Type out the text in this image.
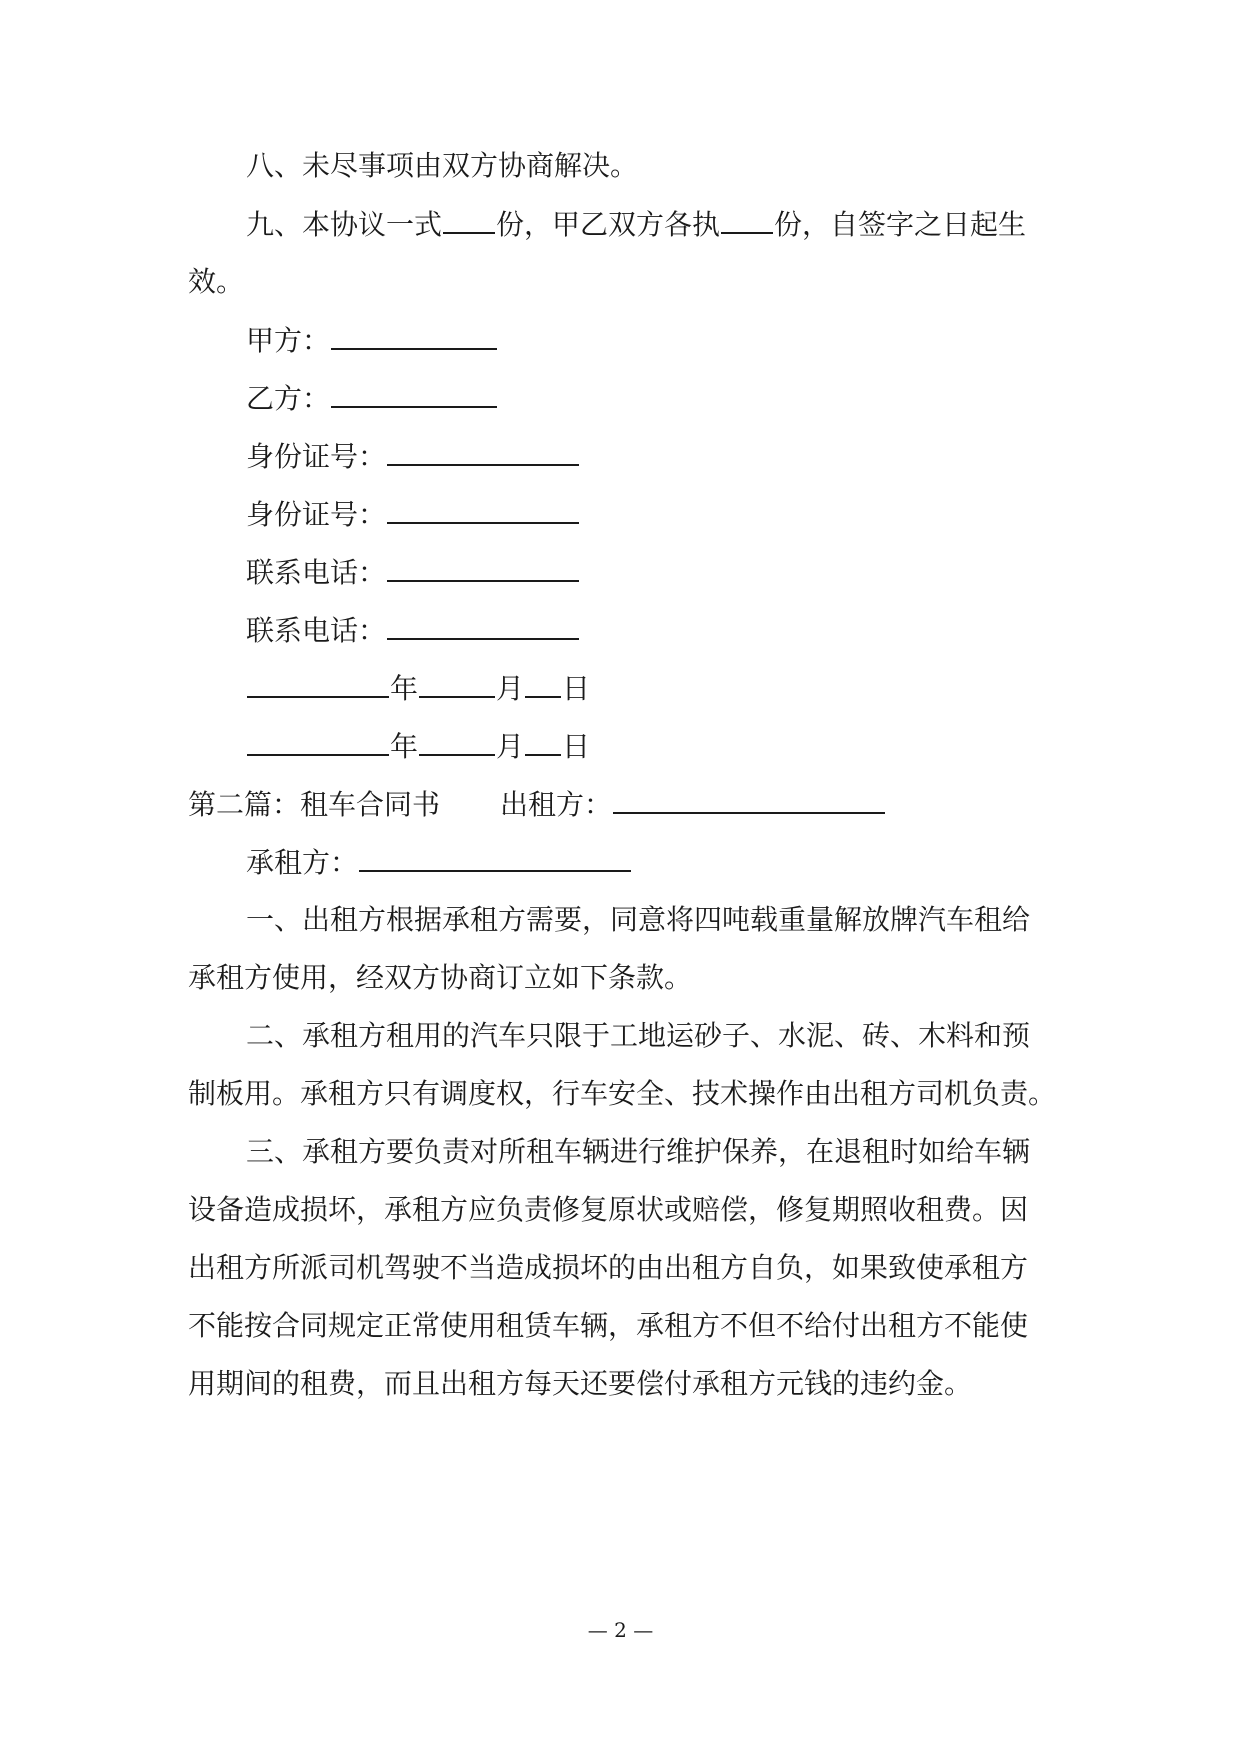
八、未尽事项由双方协商解决。
九、本协议一式 份，甲乙双方各执 份，自签字之日起生
效。
甲方：
乙方：
身份证号：
身份证号：
联系电话：
联系电话：
年	月 日
年	月 日
第二篇：租车合同书 出租方：
承租方：
一、出租方根据承租方需要，同意将四吨载重量解放牌汽车租给
承租方使用，经双方协商订立如下条款。
二、承租方租用的汽车只限于工地运砂子、水泥、砖、木料和预
制板用。承租方只有调度权，行车安全、技术操作由出租方司机负责。
三、承租方要负责对所租车辆进行维护保养，在退租时如给车辆
设备造成损坏，承租方应负责修复原状或赔偿，修复期照收租费。因
出租方所派司机驾驶不当造成损坏的由出租方自负，如果致使承租方
不能按合同规定正常使用租赁车辆，承租方不但不给付出租方不能使
用期间的租费，而且出租方每天还要偿付承租方元钱的违约金。
— 2 —
